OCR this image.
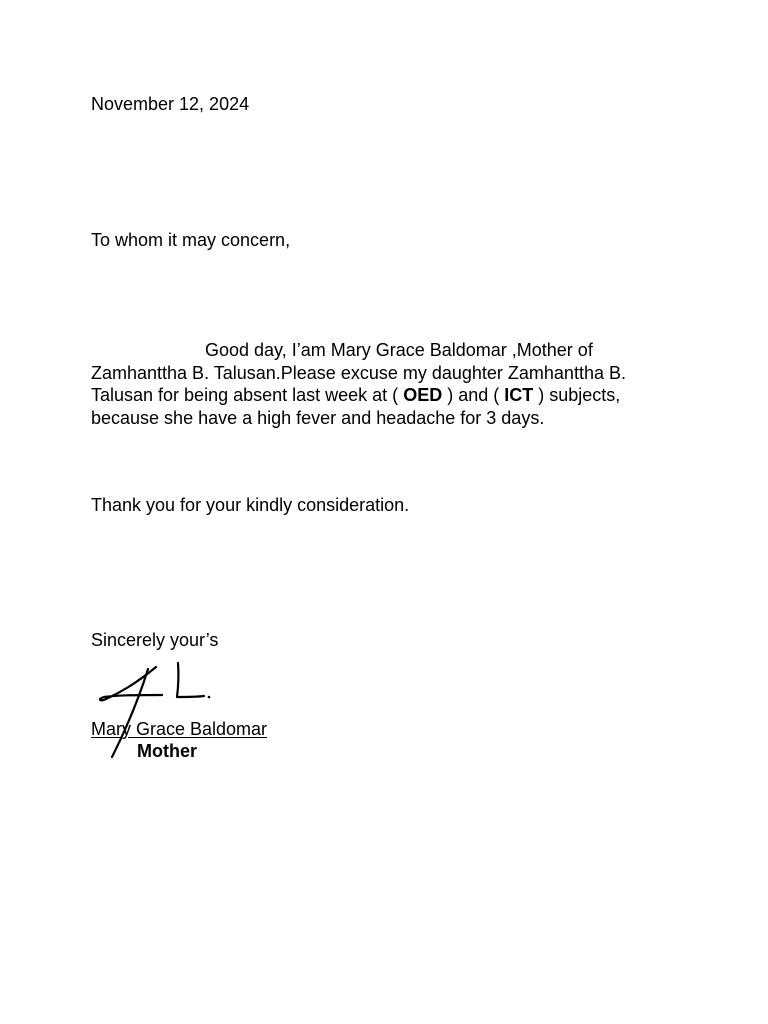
November 12, 2024
To whom it may concern,
Good day, I’am Mary Grace Baldomar ,Mother of Zamhanttha B. Talusan.Please excuse my daughter Zamhanttha B. Talusan for being absent last week at ( OED ) and ( ICT ) subjects, because she have a high fever and headache for 3 days.
Thank you for your kindly consideration.
Sincerely your’s
Mary Grace Baldomar
Mother
